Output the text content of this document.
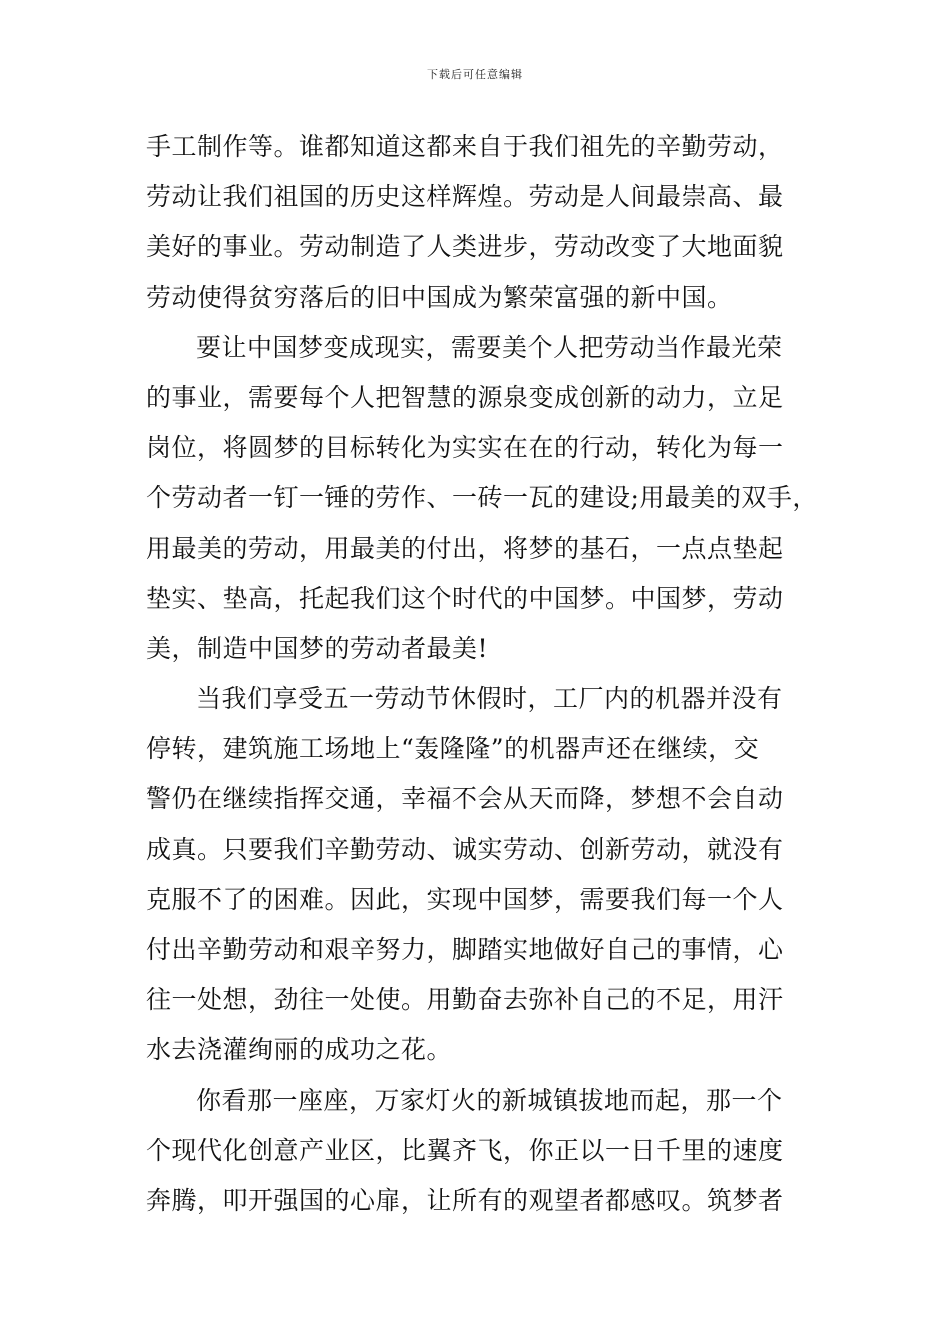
下载后可任意编辑
手工制作等。谁都知道这都来自于我们祖先的辛勤劳动，
劳动让我们祖国的历史这样辉煌。劳动是人间最崇高、最
美好的事业。劳动制造了人类进步，劳动改变了大地面貌
劳动使得贫穷落后的旧中国成为繁荣富强的新中国。
要让中国梦变成现实，需要美个人把劳动当作最光荣
的事业，需要每个人把智慧的源泉变成创新的动力，立足
岗位，将圆梦的目标转化为实实在在的行动，转化为每一
个劳动者一钉一锤的劳作、一砖一瓦的建设;用最美的双手，
用最美的劳动，用最美的付出，将梦的基石，一点点垫起
垫实、垫高，托起我们这个时代的中国梦。中国梦，劳动
美，制造中国梦的劳动者最美!
当我们享受五一劳动节休假时，工厂内的机器并没有
停转，建筑施工场地上“轰隆隆”的机器声还在继续，交
警仍在继续指挥交通，幸福不会从天而降，梦想不会自动
成真。只要我们辛勤劳动、诚实劳动、创新劳动，就没有
克服不了的困难。因此，实现中国梦，需要我们每一个人
付出辛勤劳动和艰辛努力，脚踏实地做好自己的事情，心
往一处想，劲往一处使。用勤奋去弥补自己的不足，用汗
水去浇灌绚丽的成功之花。
你看那一座座，万家灯火的新城镇拔地而起，那一个
个现代化创意产业区，比翼齐飞，你正以一日千里的速度
奔腾，叩开强国的心扉，让所有的观望者都感叹。筑梦者
